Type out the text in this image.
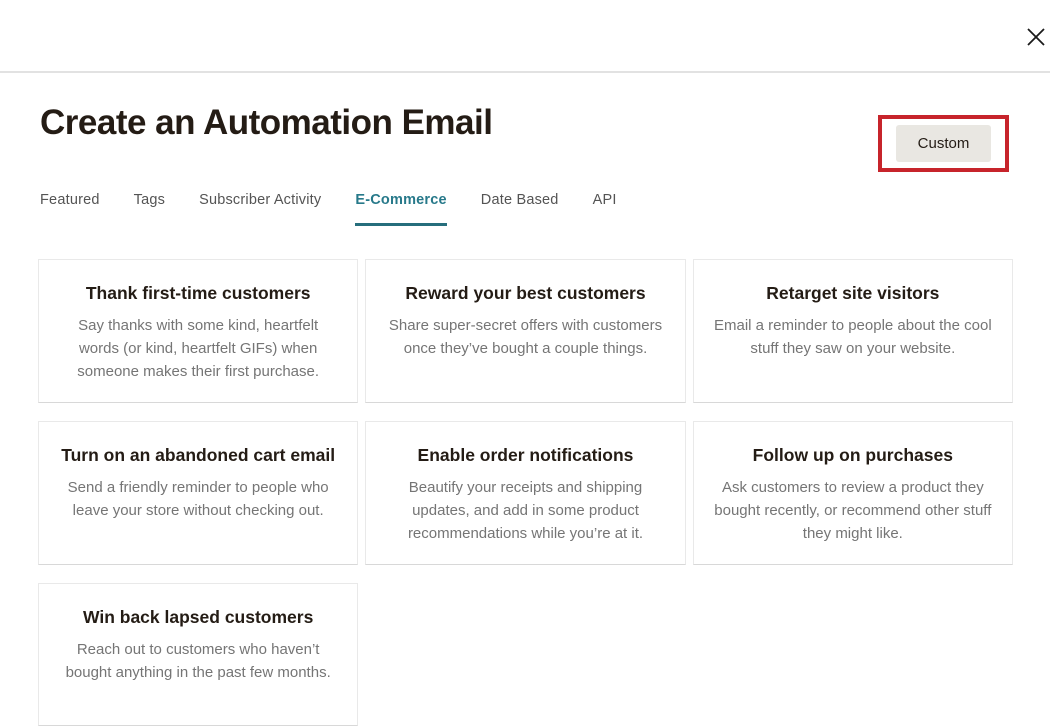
Create an Automation Email
Custom
Featured Tags Subscriber Activity E-Commerce Date Based API
Thank first-time customers

Say thanks with some kind, heartfelt words (or kind, heartfelt GIFs) when someone makes their first purchase.

Reward your best customers

Share super-secret offers with customers once they’ve bought a couple things.

Retarget site visitors

Email a reminder to people about the cool stuff they saw on your website.

Turn on an abandoned cart email

Send a friendly reminder to people who leave your store without checking out.

Enable order notifications

Beautify your receipts and shipping updates, and add in some product recommendations while you’re at it.

Follow up on purchases

Ask customers to review a product they bought recently, or recommend other stuff they might like.

Win back lapsed customers

Reach out to customers who haven’t bought anything in the past few months.
